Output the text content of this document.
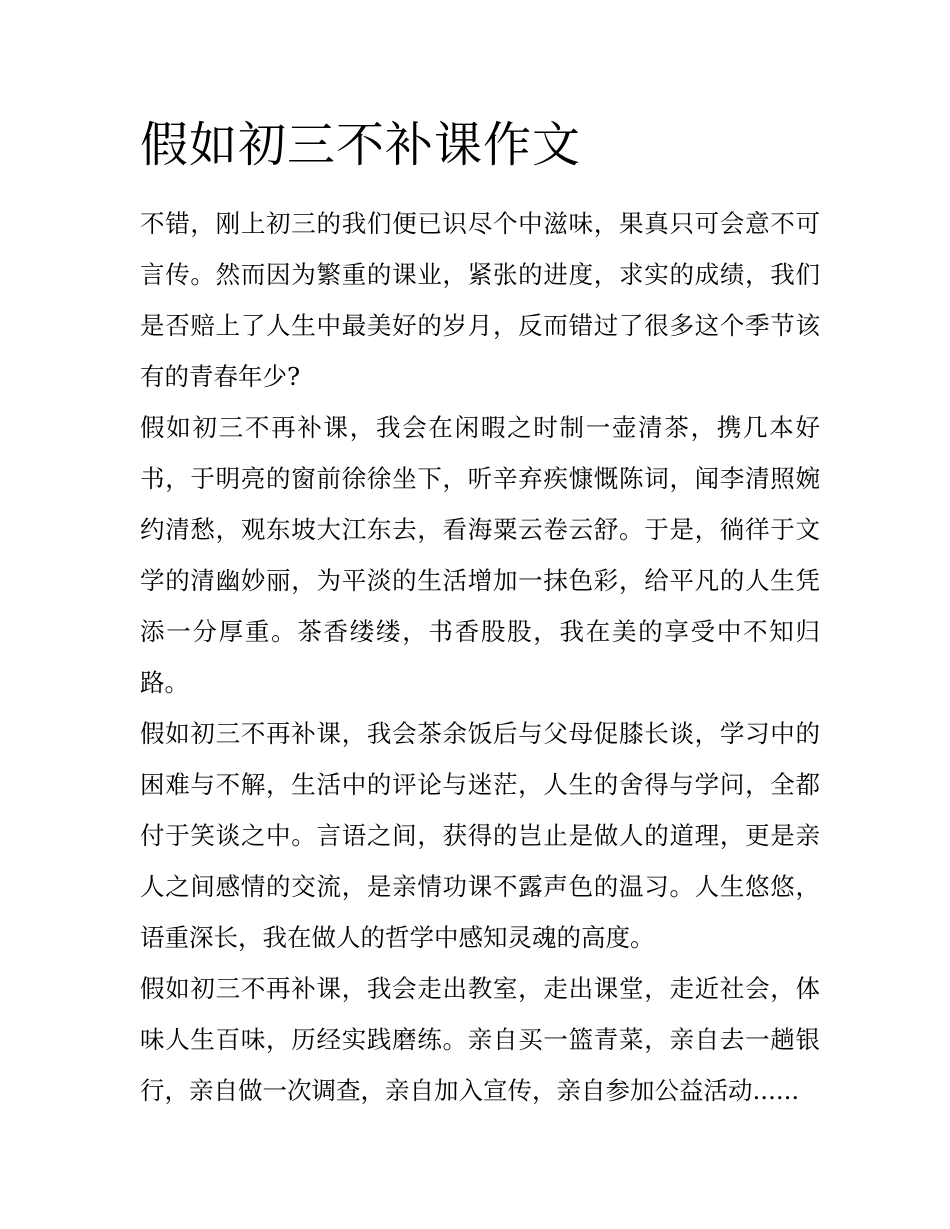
假如初三不补课作文
不错，刚上初三的我们便已识尽个中滋味，果真只可会意不可
言传。然而因为繁重的课业，紧张的进度，求实的成绩，我们
是否赔上了人生中最美好的岁月，反而错过了很多这个季节该
有的青春年少?
假如初三不再补课，我会在闲暇之时制一壶清茶，携几本好
书，于明亮的窗前徐徐坐下，听辛弃疾慷慨陈词，闻李清照婉
约清愁，观东坡大江东去，看海粟云卷云舒。于是，徜徉于文
学的清幽妙丽，为平淡的生活增加一抹色彩，给平凡的人生凭
添一分厚重。茶香缕缕，书香股股，我在美的享受中不知归
路。
假如初三不再补课，我会茶余饭后与父母促膝长谈，学习中的
困难与不解，生活中的评论与迷茫，人生的舍得与学问，全都
付于笑谈之中。言语之间，获得的岂止是做人的道理，更是亲
人之间感情的交流，是亲情功课不露声色的温习。人生悠悠，
语重深长，我在做人的哲学中感知灵魂的高度。
假如初三不再补课，我会走出教室，走出课堂，走近社会，体
味人生百味，历经实践磨练。亲自买一篮青菜，亲自去一趟银
行，亲自做一次调查，亲自加入宣传，亲自参加公益活动......
